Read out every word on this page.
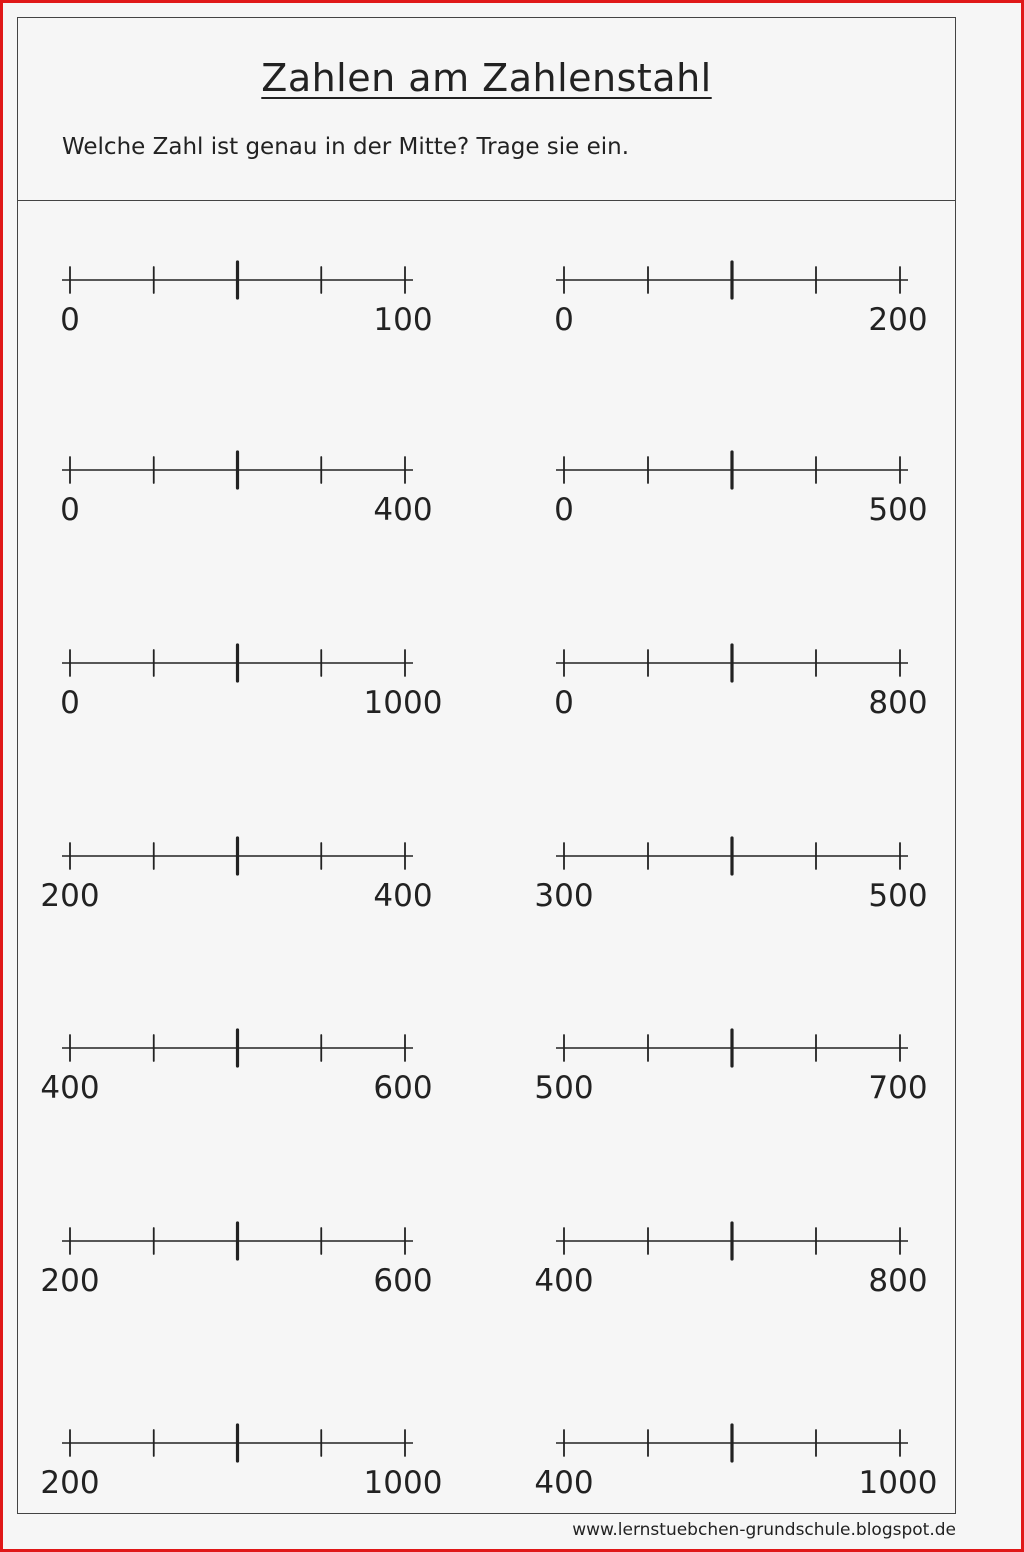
Zahlen am Zahlenstahl

Welche Zahl ist genau in der Mitte? Trage sie ein.

0	100	0	200
0	400	0	500
0	1000	0	800
200	400	300	500
400	600	500	700
200	600	400	800
200	1000	400	1000

www.lernstuebchen-grundschule.blogspot.de
